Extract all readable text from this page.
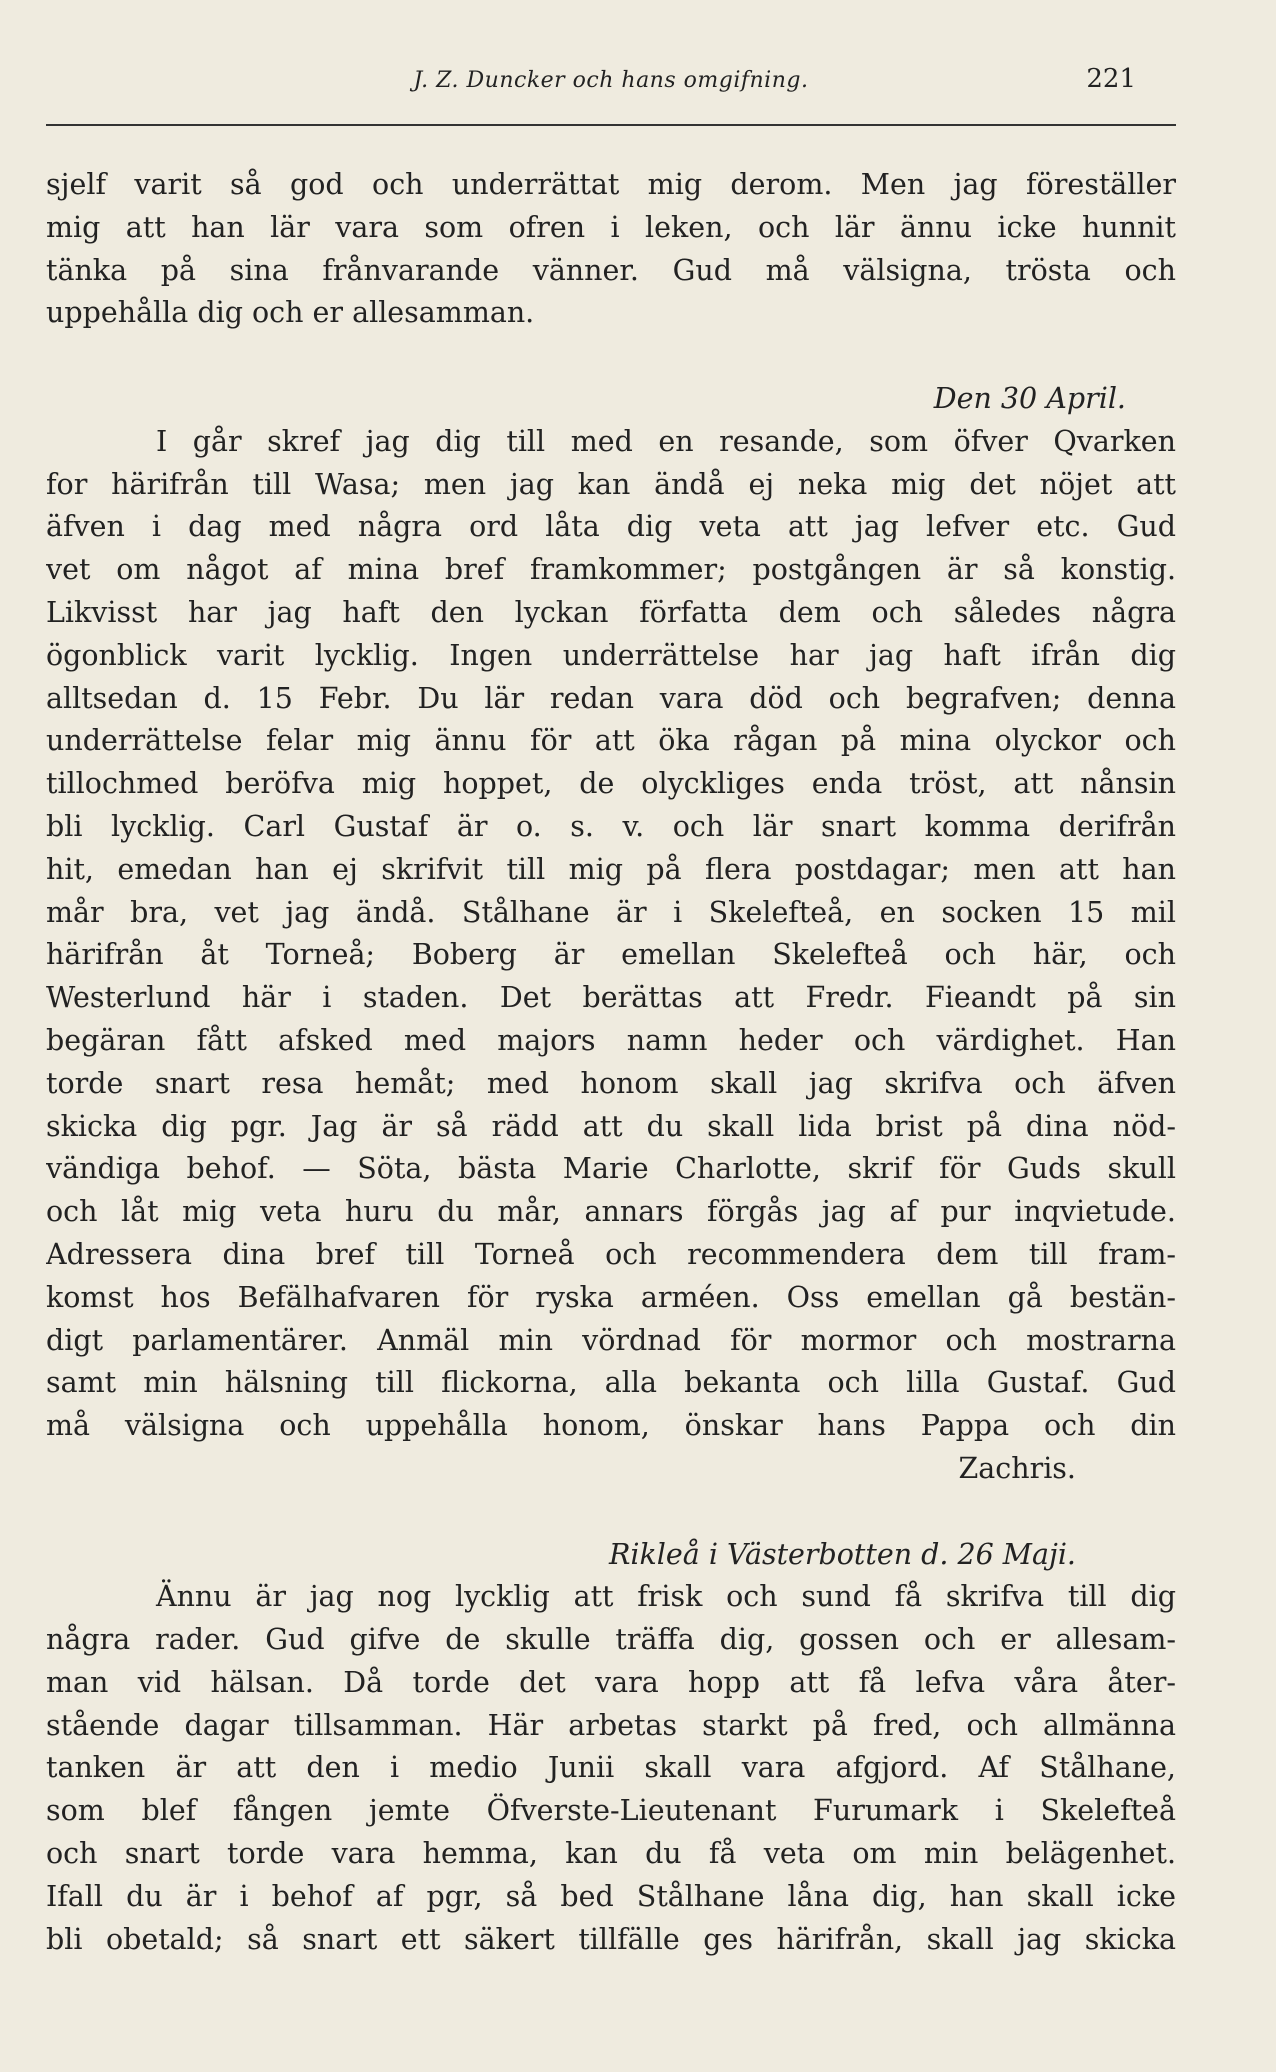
J. Z. Duncker och hans omgifning.	221
sjelf varit så god och underrättat mig derom. Men jag föreställer
mig att han lär vara som ofren i leken, och lär ännu icke hunnit
tänka på sina frånvarande vänner. Gud må välsigna, trösta och
uppehålla dig och er allesamman.
Den 30 April.
I går skref jag dig till med en resande, som öfver Qvarken
for härifrån till Wasa; men jag kan ändå ej neka mig det nöjet att
äfven i dag med några ord låta dig veta att jag lefver etc. Gud
vet om något af mina bref framkommer; postgången är så konstig.
Likvisst har jag haft den lyckan författa dem och således några
ögonblick varit lycklig. Ingen underrättelse har jag haft ifrån dig
alltsedan d. 15 Febr. Du lär redan vara död och begrafven; denna
underrättelse felar mig ännu för att öka rågan på mina olyckor och
tillochmed beröfva mig hoppet, de olyckliges enda tröst, att nånsin
bli lycklig. Carl Gustaf är o. s. v. och lär snart komma derifrån
hit, emedan han ej skrifvit till mig på flera postdagar; men att han
mår bra, vet jag ändå. Stålhane är i Skelefteå, en socken 15 mil
härifrån åt Torneå; Boberg är emellan Skelefteå och här, och
Westerlund här i staden. Det berättas att Fredr. Fieandt på sin
begäran fått afsked med majors namn heder och värdighet. Han
torde snart resa hemåt; med honom skall jag skrifva och äfven
skicka dig pgr. Jag är så rädd att du skall lida brist på dina nöd-
vändiga behof. — Söta, bästa Marie Charlotte, skrif för Guds skull
och låt mig veta huru du mår, annars förgås jag af pur inqvietude.
Adressera dina bref till Torneå och recommendera dem till fram-
komst hos Befälhafvaren för ryska arméen. Oss emellan gå bestän-
digt parlamentärer. Anmäl min vördnad för mormor och mostrarna
samt min hälsning till flickorna, alla bekanta och lilla Gustaf. Gud
må välsigna och uppehålla honom, önskar hans Pappa och din
Zachris.
Rikleå i Västerbotten d. 26 Maji.
Ännu är jag nog lycklig att frisk och sund få skrifva till dig
några rader. Gud gifve de skulle träffa dig, gossen och er allesam-
man vid hälsan. Då torde det vara hopp att få lefva våra åter-
stående dagar tillsamman. Här arbetas starkt på fred, och allmänna
tanken är att den i medio Junii skall vara afgjord. Af Stålhane,
som blef fången jemte Öfverste-Lieutenant Furumark i Skelefteå
och snart torde vara hemma, kan du få veta om min belägenhet.
Ifall du är i behof af pgr, så bed Stålhane låna dig, han skall icke
bli obetald; så snart ett säkert tillfälle ges härifrån, skall jag skicka
